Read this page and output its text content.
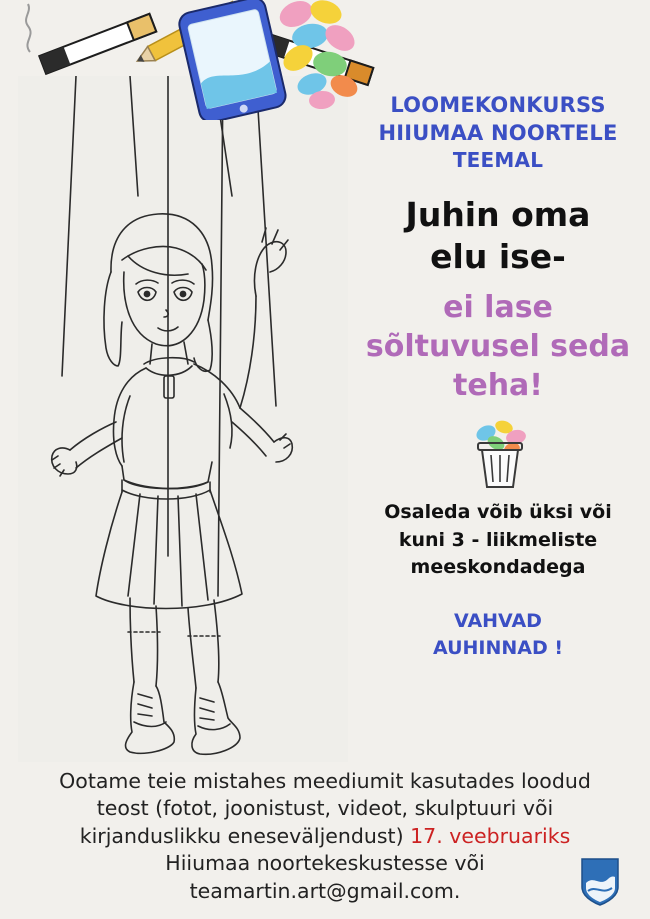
LOOMEKONKURSS
HIIUMAA NOORTELE
TEEMAL
Juhin oma
elu ise-
ei lase
sõltuvusel seda
teha!
Osaleda võib üksi või
kuni 3 - liikmeliste
meeskondadega
VAHVAD
AUHINNAD !
Ootame teie mistahes meediumit kasutades loodud
teost (fotot, joonistust, videot, skulptuuri või
kirjanduslikku eneseväljendust) 17. veebruariks
Hiiumaa noortekeskustesse või
teamartin.art@gmail.com.
